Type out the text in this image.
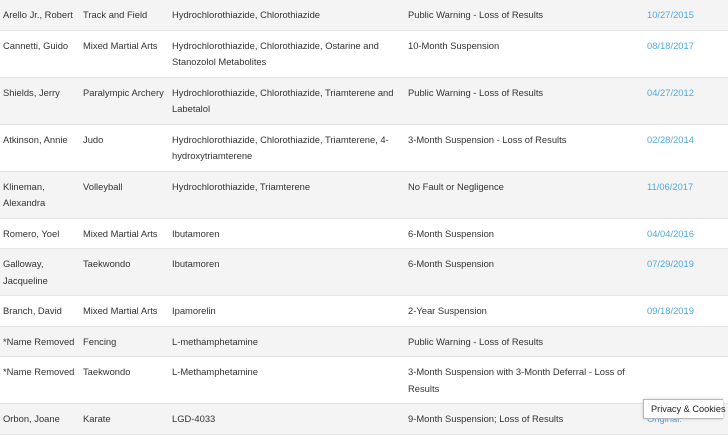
Arello Jr., Robert	Track and Field	Hydrochlorothiazide, Chlorothiazide	Public Warning - Loss of Results	10/27/2015
Cannetti, Guido	Mixed Martial Arts	Hydrochlorothiazide, Chlorothiazide, Ostarine and Stanozolol Metabolites	10-Month Suspension	08/18/2017
Shields, Jerry	Paralympic Archery	Hydrochlorothiazide, Chlorothiazide, Triamterene and Labetalol	Public Warning - Loss of Results	04/27/2012
Atkinson, Annie	Judo	Hydrochlorothiazide, Chlorothiazide, Triamterene, 4-hydroxytriamterene	3-Month Suspension - Loss of Results	02/28/2014
Klineman, Alexandra	Volleyball	Hydrochlorothiazide, Triamterene	No Fault or Negligence	11/06/2017
Romero, Yoel	Mixed Martial Arts	Ibutamoren	6-Month Suspension	04/04/2016
Galloway, Jacqueline	Taekwondo	Ibutamoren	6-Month Suspension	07/29/2019
Branch, David	Mixed Martial Arts	Ipamorelin	2-Year Suspension	09/18/2019
*Name Removed	Fencing	L-methamphetamine	Public Warning - Loss of Results	
*Name Removed	Taekwondo	L-Methamphetamine	3-Month Suspension with 3-Month Deferral - Loss of Results	
Orbon, Joane	Karate	LGD-4033	9-Month Suspension; Loss of Results	
Privacy & Cookies
